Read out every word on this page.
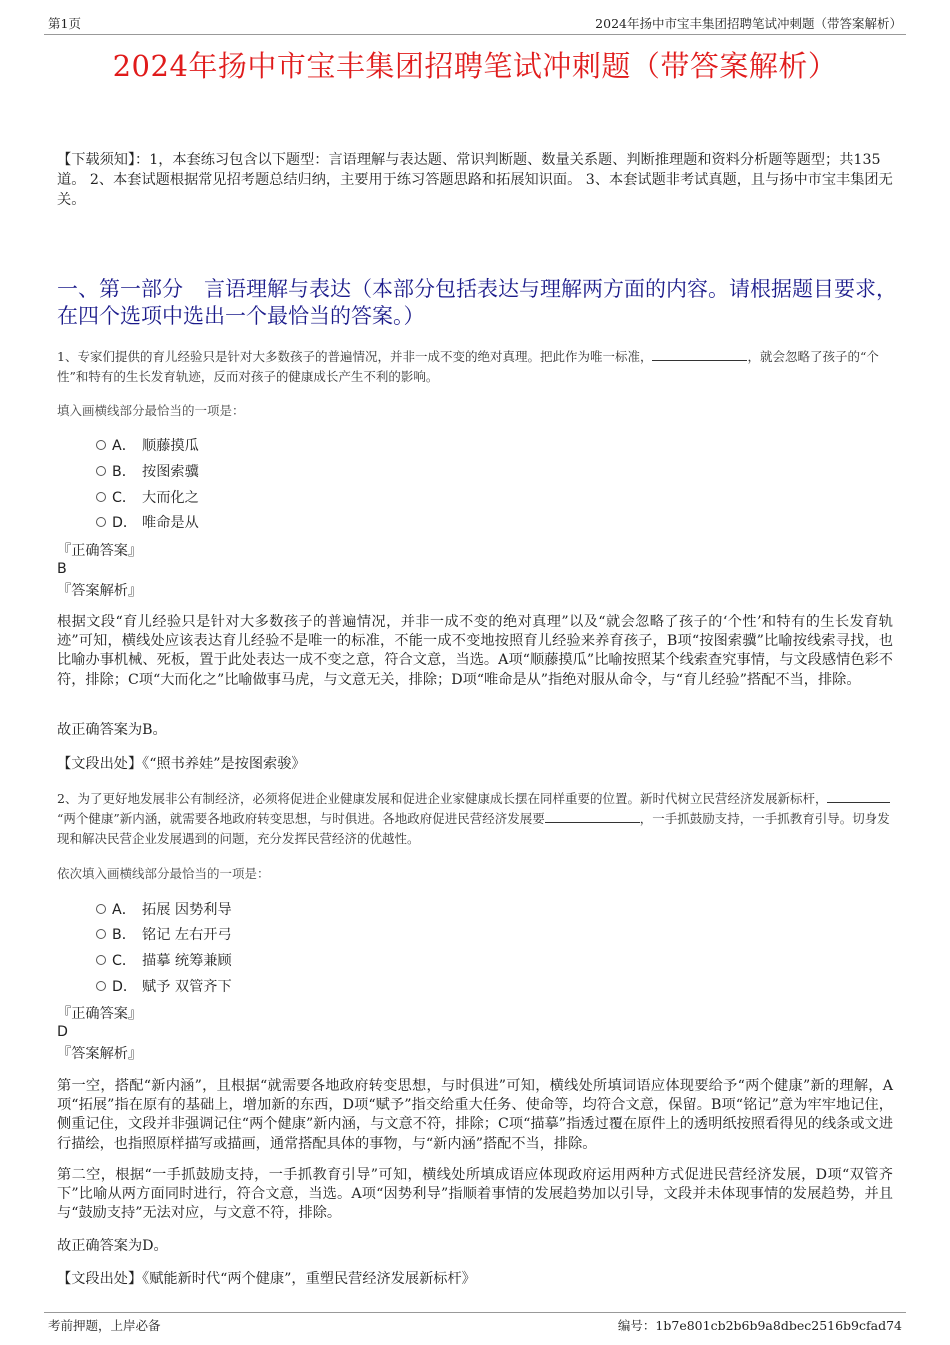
第1页	2024年扬中市宝丰集团招聘笔试冲刺题（带答案解析）
2024年扬中市宝丰集团招聘笔试冲刺题（带答案解析）
【下载须知】：1，本套练习包含以下题型：言语理解与表达题、常识判断题、数量关系题、判断推理题和资料分析题等题型；共135道。 2、本套试题根据常见招考题总结归纳，主要用于练习答题思路和拓展知识面。 3、本套试题非考试真题，且与扬中市宝丰集团无关。
一、第一部分　言语理解与表达（本部分包括表达与理解两方面的内容。请根据题目要求，在四个选项中选出一个最恰当的答案。）
1、专家们提供的育儿经验只是针对大多数孩子的普遍情况，并非一成不变的绝对真理。把此作为唯一标准，	，就会忽略了孩子的“个性”和特有的生长发育轨迹，反而对孩子的健康成长产生不利的影响。
填入画横线部分最恰当的一项是：
A． 顺藤摸瓜
B． 按图索骥
C． 大而化之
D． 唯命是从
『正确答案』
B
『答案解析』
根据文段“育儿经验只是针对大多数孩子的普遍情况，并非一成不变的绝对真理”以及“就会忽略了孩子的‘个性’和特有的生长发育轨迹”可知，横线处应该表达育儿经验不是唯一的标准，不能一成不变地按照育儿经验来养育孩子，B项“按图索骥”比喻按线索寻找，也比喻办事机械、死板，置于此处表达一成不变之意，符合文意，当选。A项“顺藤摸瓜”比喻按照某个线索查究事情，与文段感情色彩不符，排除；C项“大而化之”比喻做事马虎，与文意无关，排除；D项“唯命是从”指绝对服从命令，与“育儿经验”搭配不当，排除。
故正确答案为B。
【文段出处】《“照书养娃”是按图索骏》
2、为了更好地发展非公有制经济，必须将促进企业健康发展和促进企业家健康成长摆在同样重要的位置。新时代树立民营经济发展新标杆，“两个健康”新内涵，就需要各地政府转变思想，与时俱进。各地政府促进民营经济发展要	，一手抓鼓励支持，一手抓教育引导。切身发现和解决民营企业发展遇到的问题，充分发挥民营经济的优越性。
依次填入画横线部分最恰当的一项是：
A． 拓展 因势利导
B． 铭记 左右开弓
C． 描摹 统筹兼顾
D． 赋予 双管齐下
『正确答案』
D
『答案解析』
第一空，搭配“新内涵”，且根据“就需要各地政府转变思想，与时俱进”可知，横线处所填词语应体现要给予“两个健康”新的理解，A项“拓展”指在原有的基础上，增加新的东西，D项“赋予”指交给重大任务、使命等，均符合文意，保留。B项“铭记”意为牢牢地记住，侧重记住，文段并非强调记住“两个健康”新内涵，与文意不符，排除；C项“描摹”指透过覆在原件上的透明纸按照看得见的线条或文进行描绘，也指照原样描写或描画，通常搭配具体的事物，与“新内涵”搭配不当，排除。
第二空，根据“一手抓鼓励支持，一手抓教育引导”可知，横线处所填成语应体现政府运用两种方式促进民营经济发展，D项“双管齐下”比喻从两方面同时进行，符合文意，当选。A项“因势利导”指顺着事情的发展趋势加以引导，文段并未体现事情的发展趋势，并且与“鼓励支持”无法对应，与文意不符，排除。
故正确答案为D。
【文段出处】《赋能新时代“两个健康”，重塑民营经济发展新标杆》
考前押题，上岸必备	编号：1b7e801cb2b6b9a8dbec2516b9cfad74
